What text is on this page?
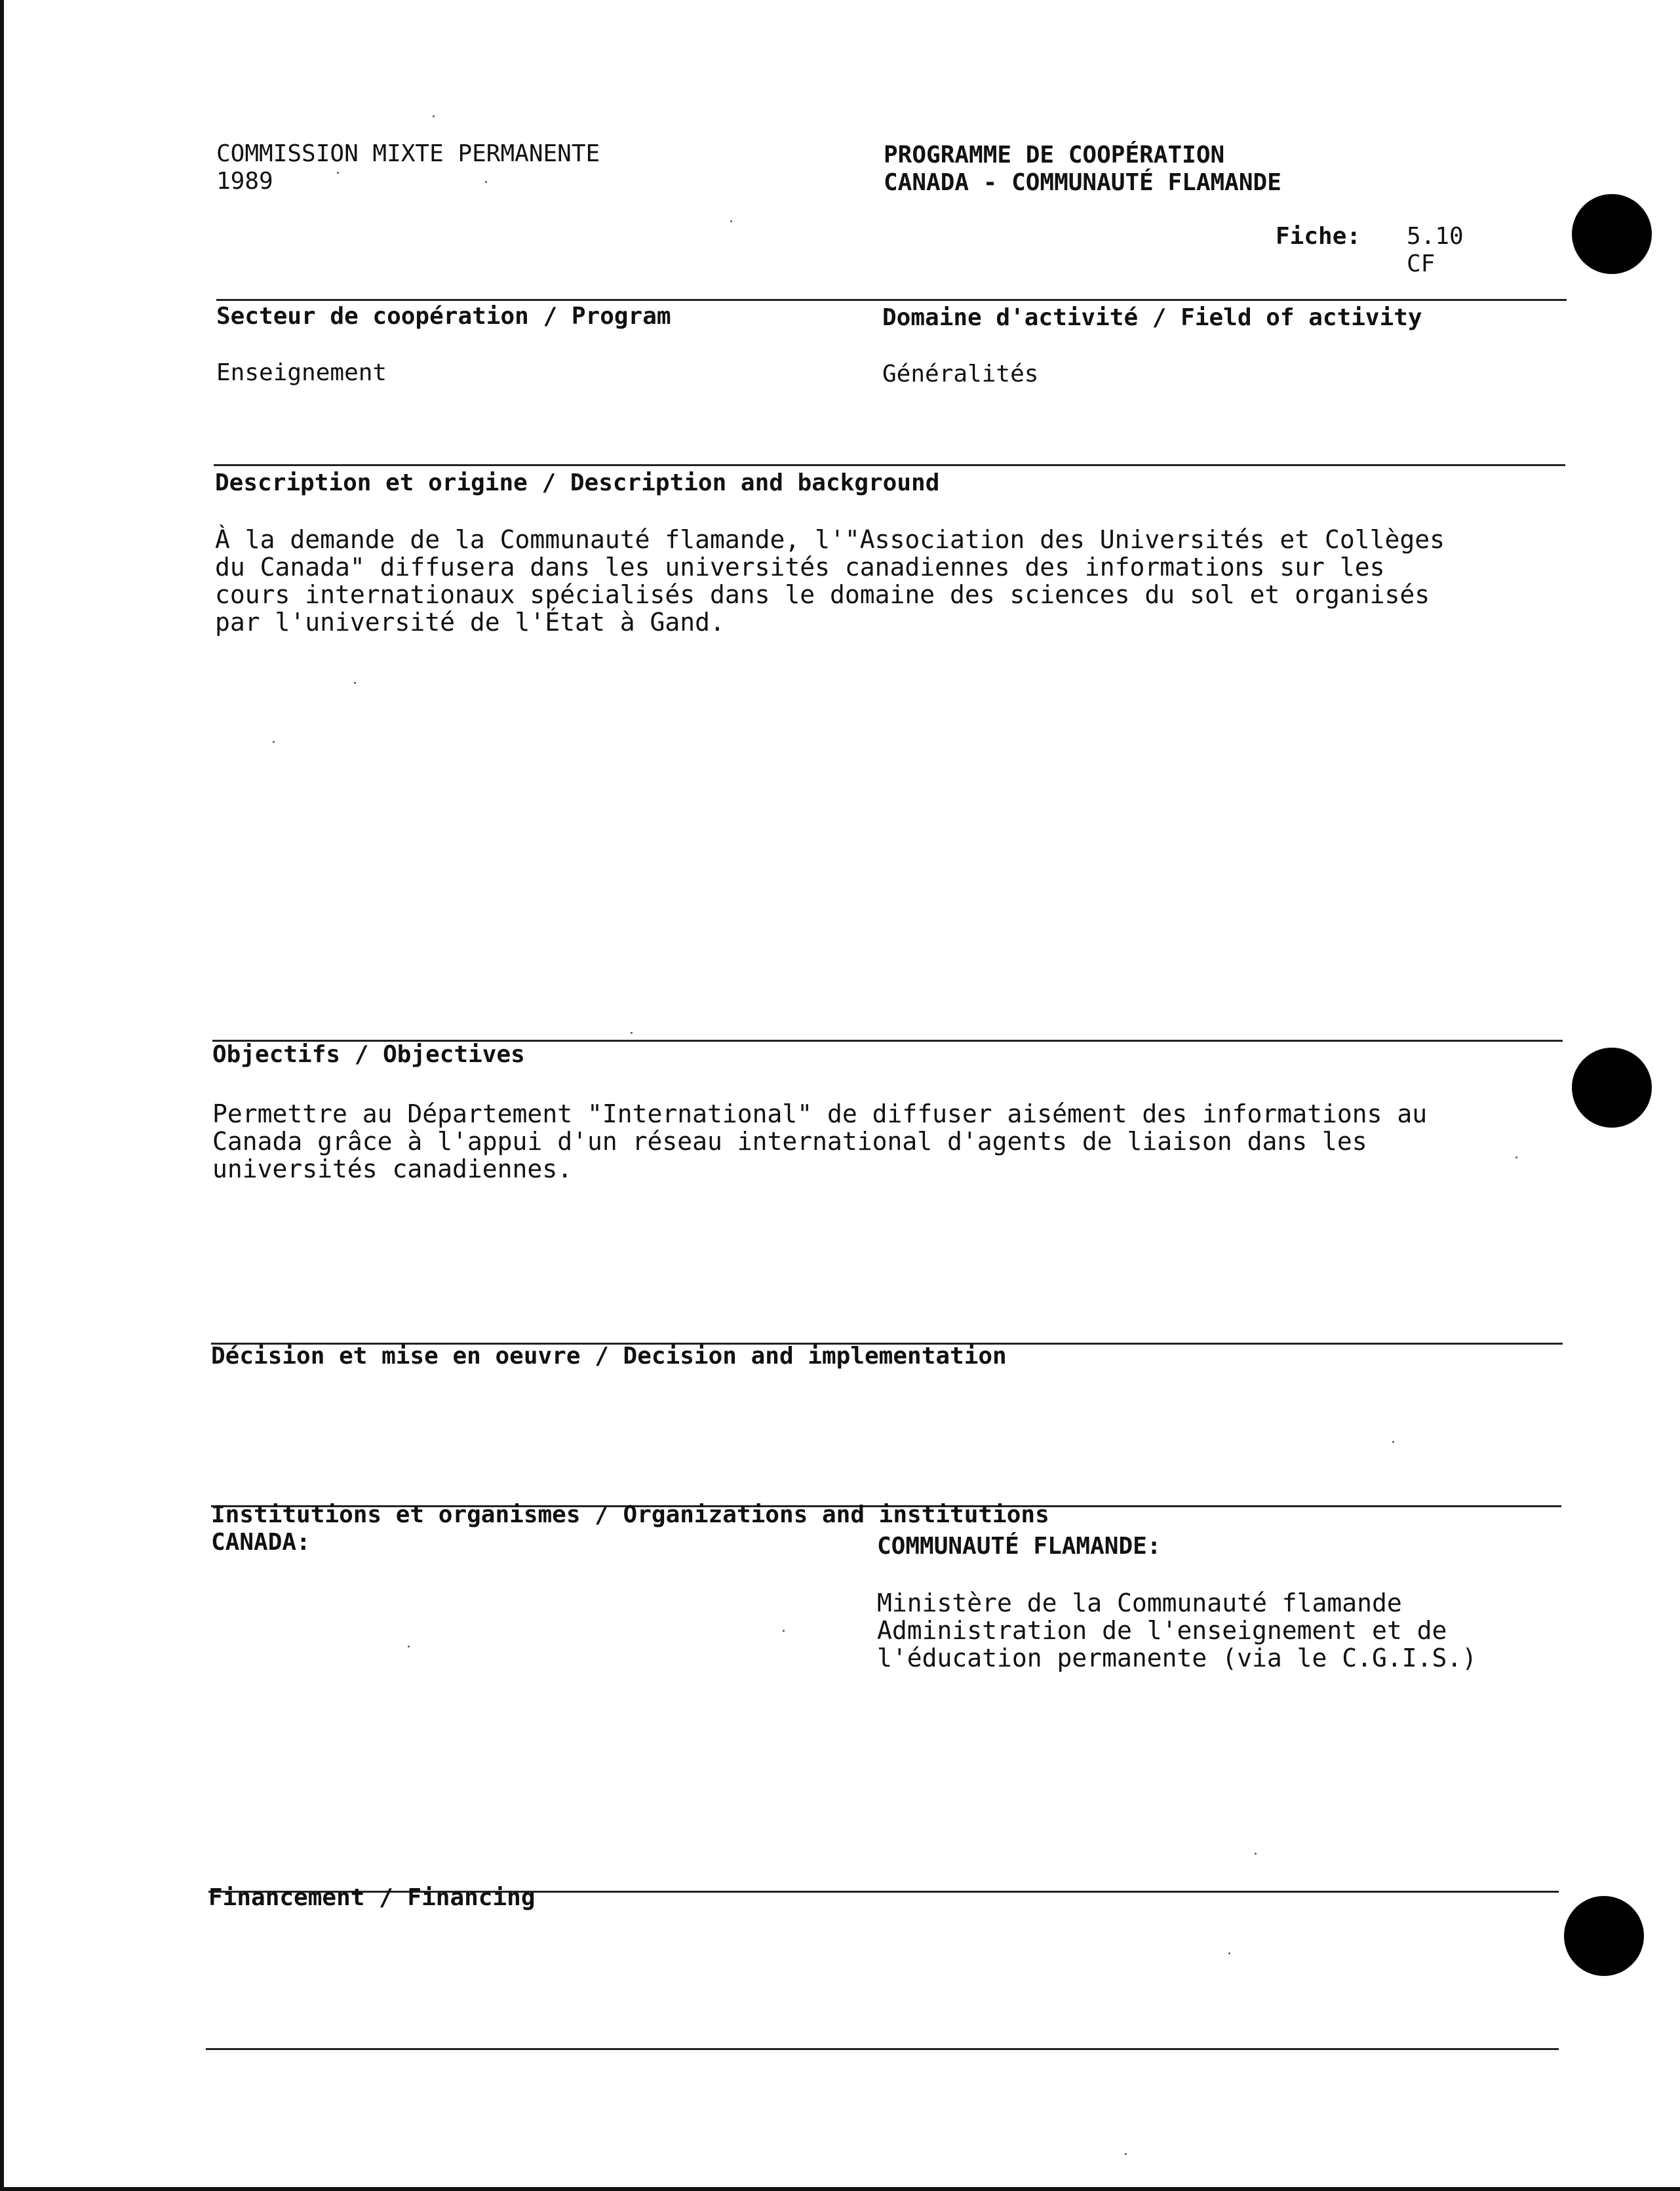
COMMISSION MIXTE PERMANENTE
1989
PROGRAMME DE COOPÉRATION
CANADA - COMMUNAUTÉ FLAMANDE
Fiche: 5.10
CF
Secteur de coopération / Program
Enseignement
Domaine d'activité / Field of activity
Généralités
Description et origine / Description and background
À la demande de la Communauté flamande, l'"Association des Universités et Collèges
du Canada" diffusera dans les universités canadiennes des informations sur les
cours internationaux spécialisés dans le domaine des sciences du sol et organisés
par l'université de l'État à Gand.
Objectifs / Objectives
Permettre au Département "International" de diffuser aisément des informations au
Canada grâce à l'appui d'un réseau international d'agents de liaison dans les
universités canadiennes.
Décision et mise en oeuvre / Decision and implementation
Institutions et organismes / Organizations and institutions
CANADA:	COMMUNAUTÉ FLAMANDE:
Ministère de la Communauté flamande
Administration de l'enseignement et de
l'éducation permanente (via le C.G.I.S.)
Financement / Financing
